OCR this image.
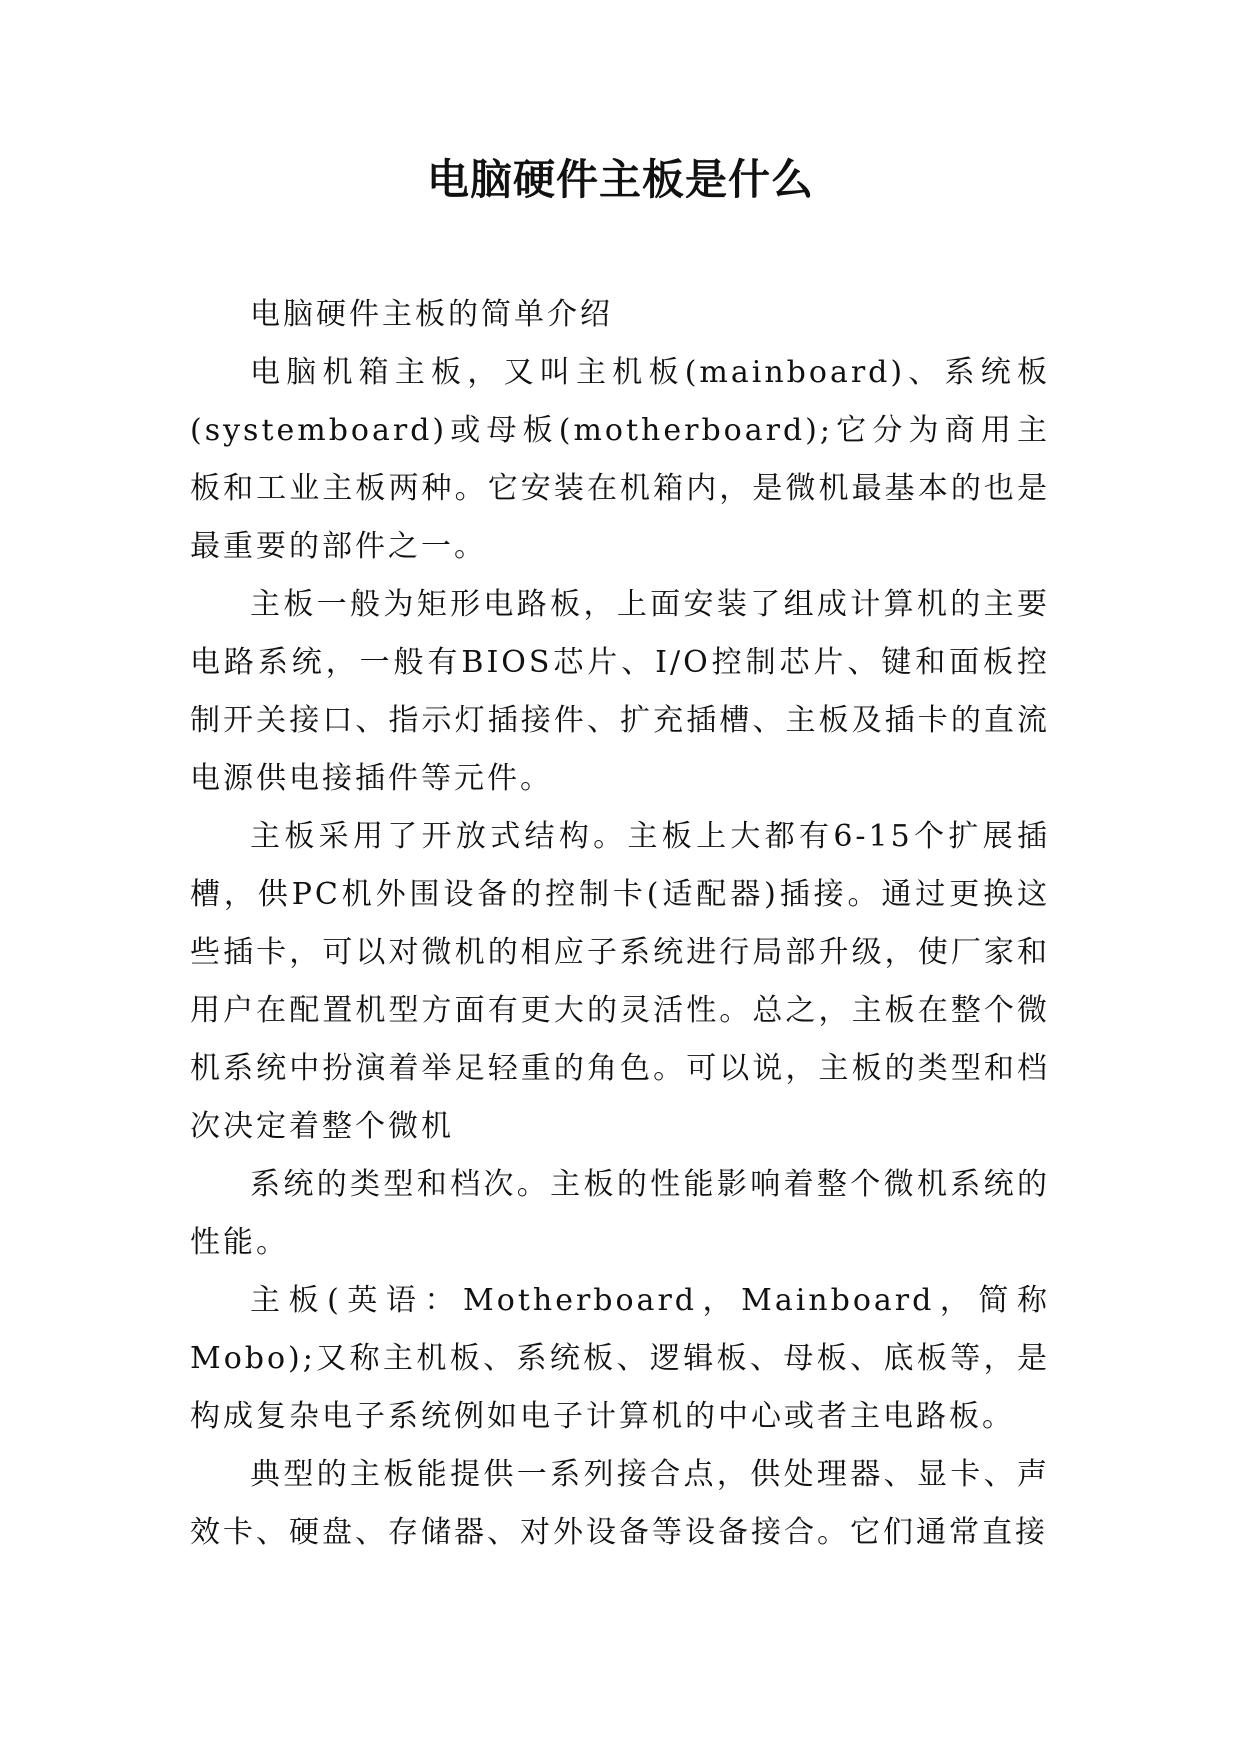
电脑硬件主板是什么

电脑硬件主板的简单介绍

电脑机箱主板，又叫主机板(mainboard)、系统板(systemboard)或母板(motherboard);它分为商用主板和工业主板两种。它安装在机箱内，是微机最基本的也是最重要的部件之一。

主板一般为矩形电路板，上面安装了组成计算机的主要电路系统，一般有BIOS芯片、I/O控制芯片、键和面板控制开关接口、指示灯插接件、扩充插槽、主板及插卡的直流电源供电接插件等元件。

主板采用了开放式结构。主板上大都有6-15个扩展插槽，供PC机外围设备的控制卡(适配器)插接。通过更换这些插卡，可以对微机的相应子系统进行局部升级，使厂家和用户在配置机型方面有更大的灵活性。总之，主板在整个微机系统中扮演着举足轻重的角色。可以说，主板的类型和档次决定着整个微机

系统的类型和档次。主板的性能影响着整个微机系统的性能。

主板(英语：Motherboard，Mainboard，简称Mobo);又称主机板、系统板、逻辑板、母板、底板等，是构成复杂电子系统例如电子计算机的中心或者主电路板。

典型的主板能提供一系列接合点，供处理器、显卡、声效卡、硬盘、存储器、对外设备等设备接合。它们通常直接
